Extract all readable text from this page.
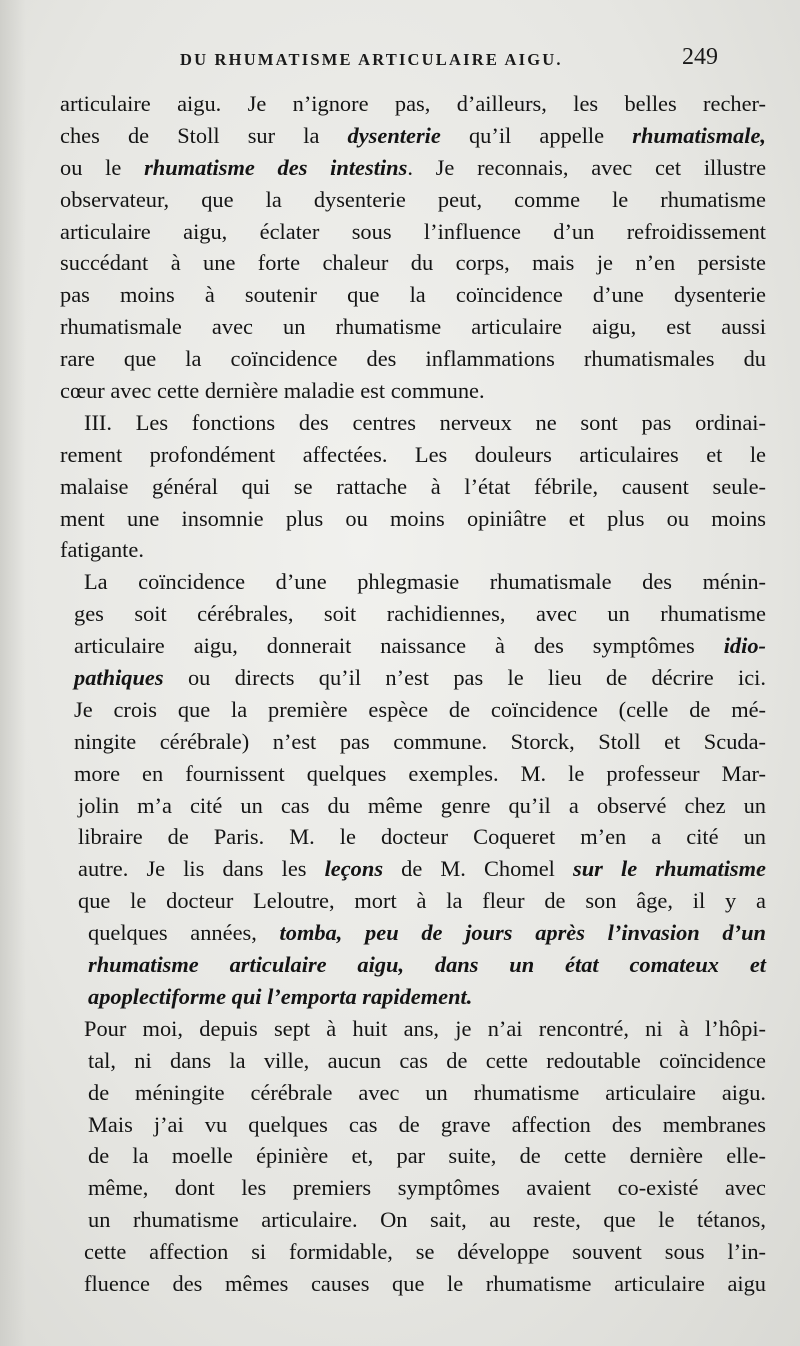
DU RHUMATISME ARTICULAIRE AIGU.	249
articulaire aigu. Je n’ignore pas, d’ailleurs, les belles recher-
ches de Stoll sur la dysenterie qu’il appelle rhumatismale,
ou le rhumatisme des intestins. Je reconnais, avec cet illustre
observateur, que la dysenterie peut, comme le rhumatisme
articulaire aigu, éclater sous l’influence d’un refroidissement
succédant à une forte chaleur du corps, mais je n’en persiste
pas moins à soutenir que la coïncidence d’une dysenterie
rhumatismale avec un rhumatisme articulaire aigu, est aussi
rare que la coïncidence des inflammations rhumatismales du
cœur avec cette dernière maladie est commune.
III. Les fonctions des centres nerveux ne sont pas ordinai-
rement profondément affectées. Les douleurs articulaires et le
malaise général qui se rattache à l’état fébrile, causent seule-
ment une insomnie plus ou moins opiniâtre et plus ou moins
fatigante.
La coïncidence d’une phlegmasie rhumatismale des ménin-
ges soit cérébrales, soit rachidiennes, avec un rhumatisme
articulaire aigu, donnerait naissance à des symptômes idio-
pathiques ou directs qu’il n’est pas le lieu de décrire ici.
Je crois que la première espèce de coïncidence (celle de mé-
ningite cérébrale) n’est pas commune. Storck, Stoll et Scuda-
more en fournissent quelques exemples. M. le professeur Mar-
jolin m’a cité un cas du même genre qu’il a observé chez un
libraire de Paris. M. le docteur Coqueret m’en a cité un
autre. Je lis dans les leçons de M. Chomel sur le rhumatisme
que le docteur Leloutre, mort à la fleur de son âge, il y a
quelques années, tomba, peu de jours après l’invasion d’un
rhumatisme articulaire aigu, dans un état comateux et
apoplectiforme qui l’emporta rapidement.
Pour moi, depuis sept à huit ans, je n’ai rencontré, ni à l’hôpi-
tal, ni dans la ville, aucun cas de cette redoutable coïncidence
de méningite cérébrale avec un rhumatisme articulaire aigu.
Mais j’ai vu quelques cas de grave affection des membranes
de la moelle épinière et, par suite, de cette dernière elle-
même, dont les premiers symptômes avaient co-existé avec
un rhumatisme articulaire. On sait, au reste, que le tétanos,
cette affection si formidable, se développe souvent sous l’in-
fluence des mêmes causes que le rhumatisme articulaire aigu
